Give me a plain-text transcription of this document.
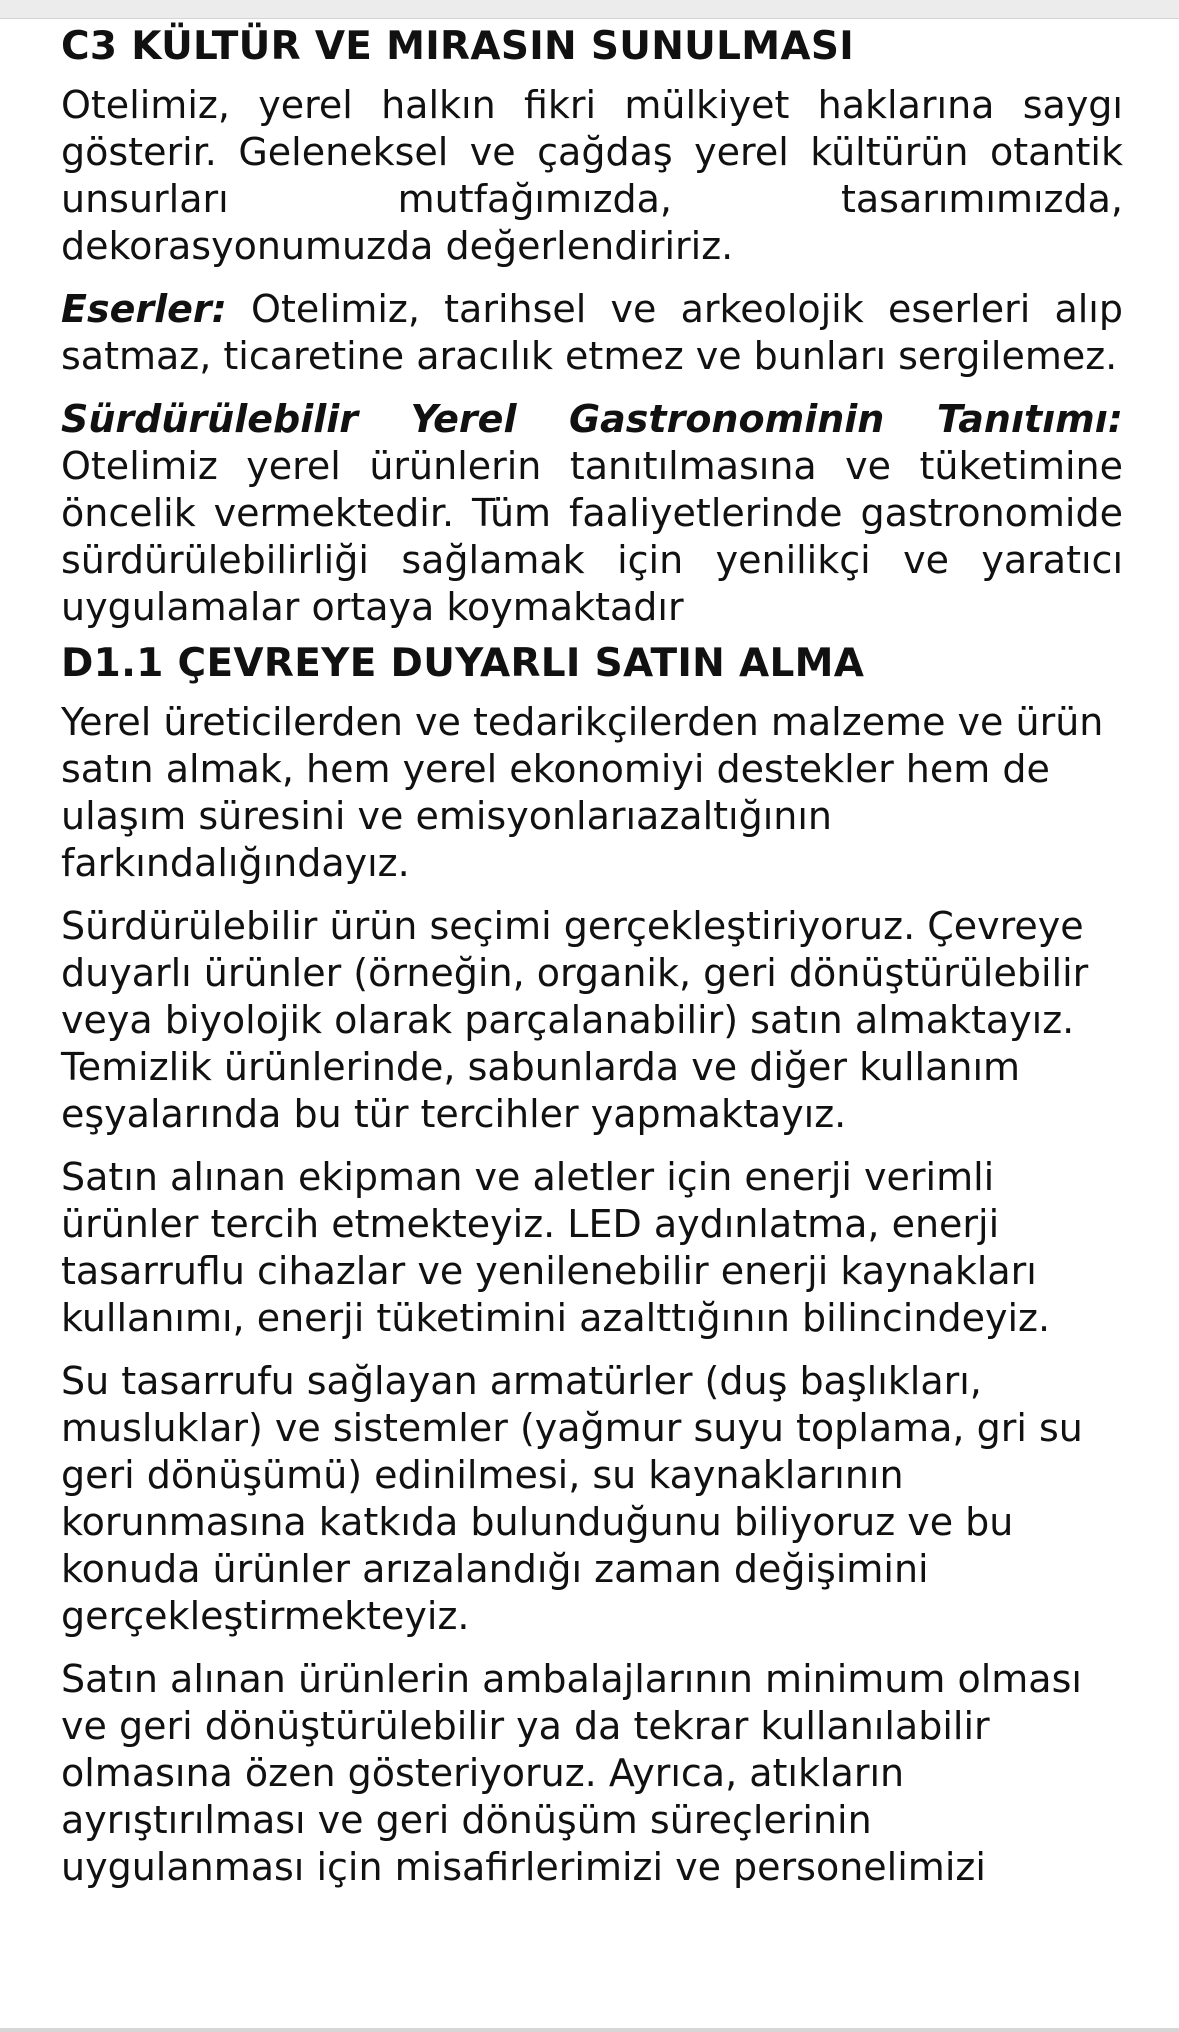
C3 KÜLTÜR VE MIRASIN SUNULMASI

Otelimiz, yerel halkın fikri mülkiyet haklarına saygı gösterir. Geleneksel ve çağdaş yerel kültürün otantik unsurları mutfağımızda, tasarımımızda, dekorasyonumuzda değerlendiririz.

Eserler: Otelimiz, tarihsel ve arkeolojik eserleri alıp satmaz, ticaretine aracılık etmez ve bunları sergilemez.

Sürdürülebilir Yerel Gastronominin Tanıtımı: Otelimiz yerel ürünlerin tanıtılmasına ve tüketimine öncelik vermektedir. Tüm faaliyetlerinde gastronomide sürdürülebilirliği sağlamak için yenilikçi ve yaratıcı uygulamalar ortaya koymaktadır

D1.1 ÇEVREYE DUYARLI SATIN ALMA

Yerel üreticilerden ve tedarikçilerden malzeme ve ürün satın almak, hem yerel ekonomiyi destekler hem de ulaşım süresini ve emisyonlarıazaltığının farkındalığındayız.

Sürdürülebilir ürün seçimi gerçekleştiriyoruz. Çevreye duyarlı ürünler (örneğin, organik, geri dönüştürülebilir veya biyolojik olarak parçalanabilir) satın almaktayız. Temizlik ürünlerinde, sabunlarda ve diğer kullanım eşyalarında bu tür tercihler yapmaktayız.

Satın alınan ekipman ve aletler için enerji verimli ürünler tercih etmekteyiz. LED aydınlatma, enerji tasarruflu cihazlar ve yenilenebilir enerji kaynakları kullanımı, enerji tüketimini azalttığının bilincindeyiz.

Su tasarrufu sağlayan armatürler (duş başlıkları, musluklar) ve sistemler (yağmur suyu toplama, gri su geri dönüşümü) edinilmesi, su kaynaklarının korunmasına katkıda bulunduğunu biliyoruz ve bu konuda ürünler arızalandığı zaman değişimini gerçekleştirmekteyiz.

Satın alınan ürünlerin ambalajlarının minimum olması ve geri dönüştürülebilir ya da tekrar kullanılabilir olmasına özen gösteriyoruz. Ayrıca, atıkların ayrıştırılması ve geri dönüşüm süreçlerinin uygulanması için misafirlerimizi ve personelimizi
